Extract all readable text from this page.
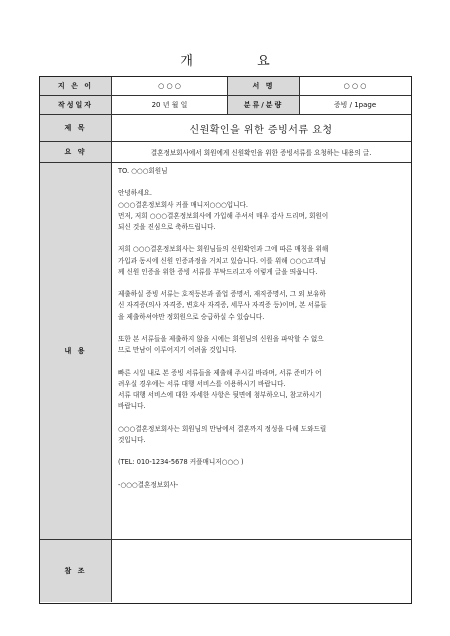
개 요
지 은 이	○ ○ ○	서 명	○ ○ ○
작성일자	20 년 월 일	분류/분량	증빙 / 1page
제 목	신원확인을 위한 증빙서류 요청
요 약	결혼정보회사에서 회원에게 신원확인을 위한 증빙서류를 요청하는 내용의 글.
내 용

TO. ○○○회원님

안녕하세요.

○○○결혼정보회사 커플 매니저○○○입니다.

먼저, 저희 ○○○결혼정보회사에 가입해 주셔서 매우 감사 드리며, 회원이

되신 것을 진심으로 축하드립니다.

저희 ○○○결혼정보회사는 회원님들의 신원확인과 그에 따른 매칭을 위해

가입과 동시에 신원 인증과정을 거치고 있습니다. 이를 위해 ○○○고객님

께 신원 인증을 위한 증빙 서류를 부탁드리고자 이렇게 글을 띄웁니다.

제출하실 증빙 서류는 호적등본과 졸업 증명서, 재직증명서, 그 외 보유하

신 자격증(의사 자격증, 변호사 자격증, 세무사 자격증 등)이며, 본 서류들

을 제출하셔야만 정회원으로 승급하실 수 있습니다.

또한 본 서류들을 제출하지 않을 시에는 회원님의 신원을 파악할 수 없으

므로 만남이 이루어지기 어려울 것입니다.

빠른 시일 내로 본 증빙 서류들을 제출해 주시길 바라며, 서류 준비가 어

려우실 경우에는 서류 대행 서비스를 이용하시기 바랍니다.

서류 대행 서비스에 대한 자세한 사항은 뒷면에 첨부하오니, 참고하시기

바랍니다.

○○○결혼정보회사는 회원님의 만남에서 결혼까지 정성을 다해 도와드릴

것입니다.

(TEL: 010-1234-5678 커플매니저○○○ )

-○○○결혼정보회사-

참 조
